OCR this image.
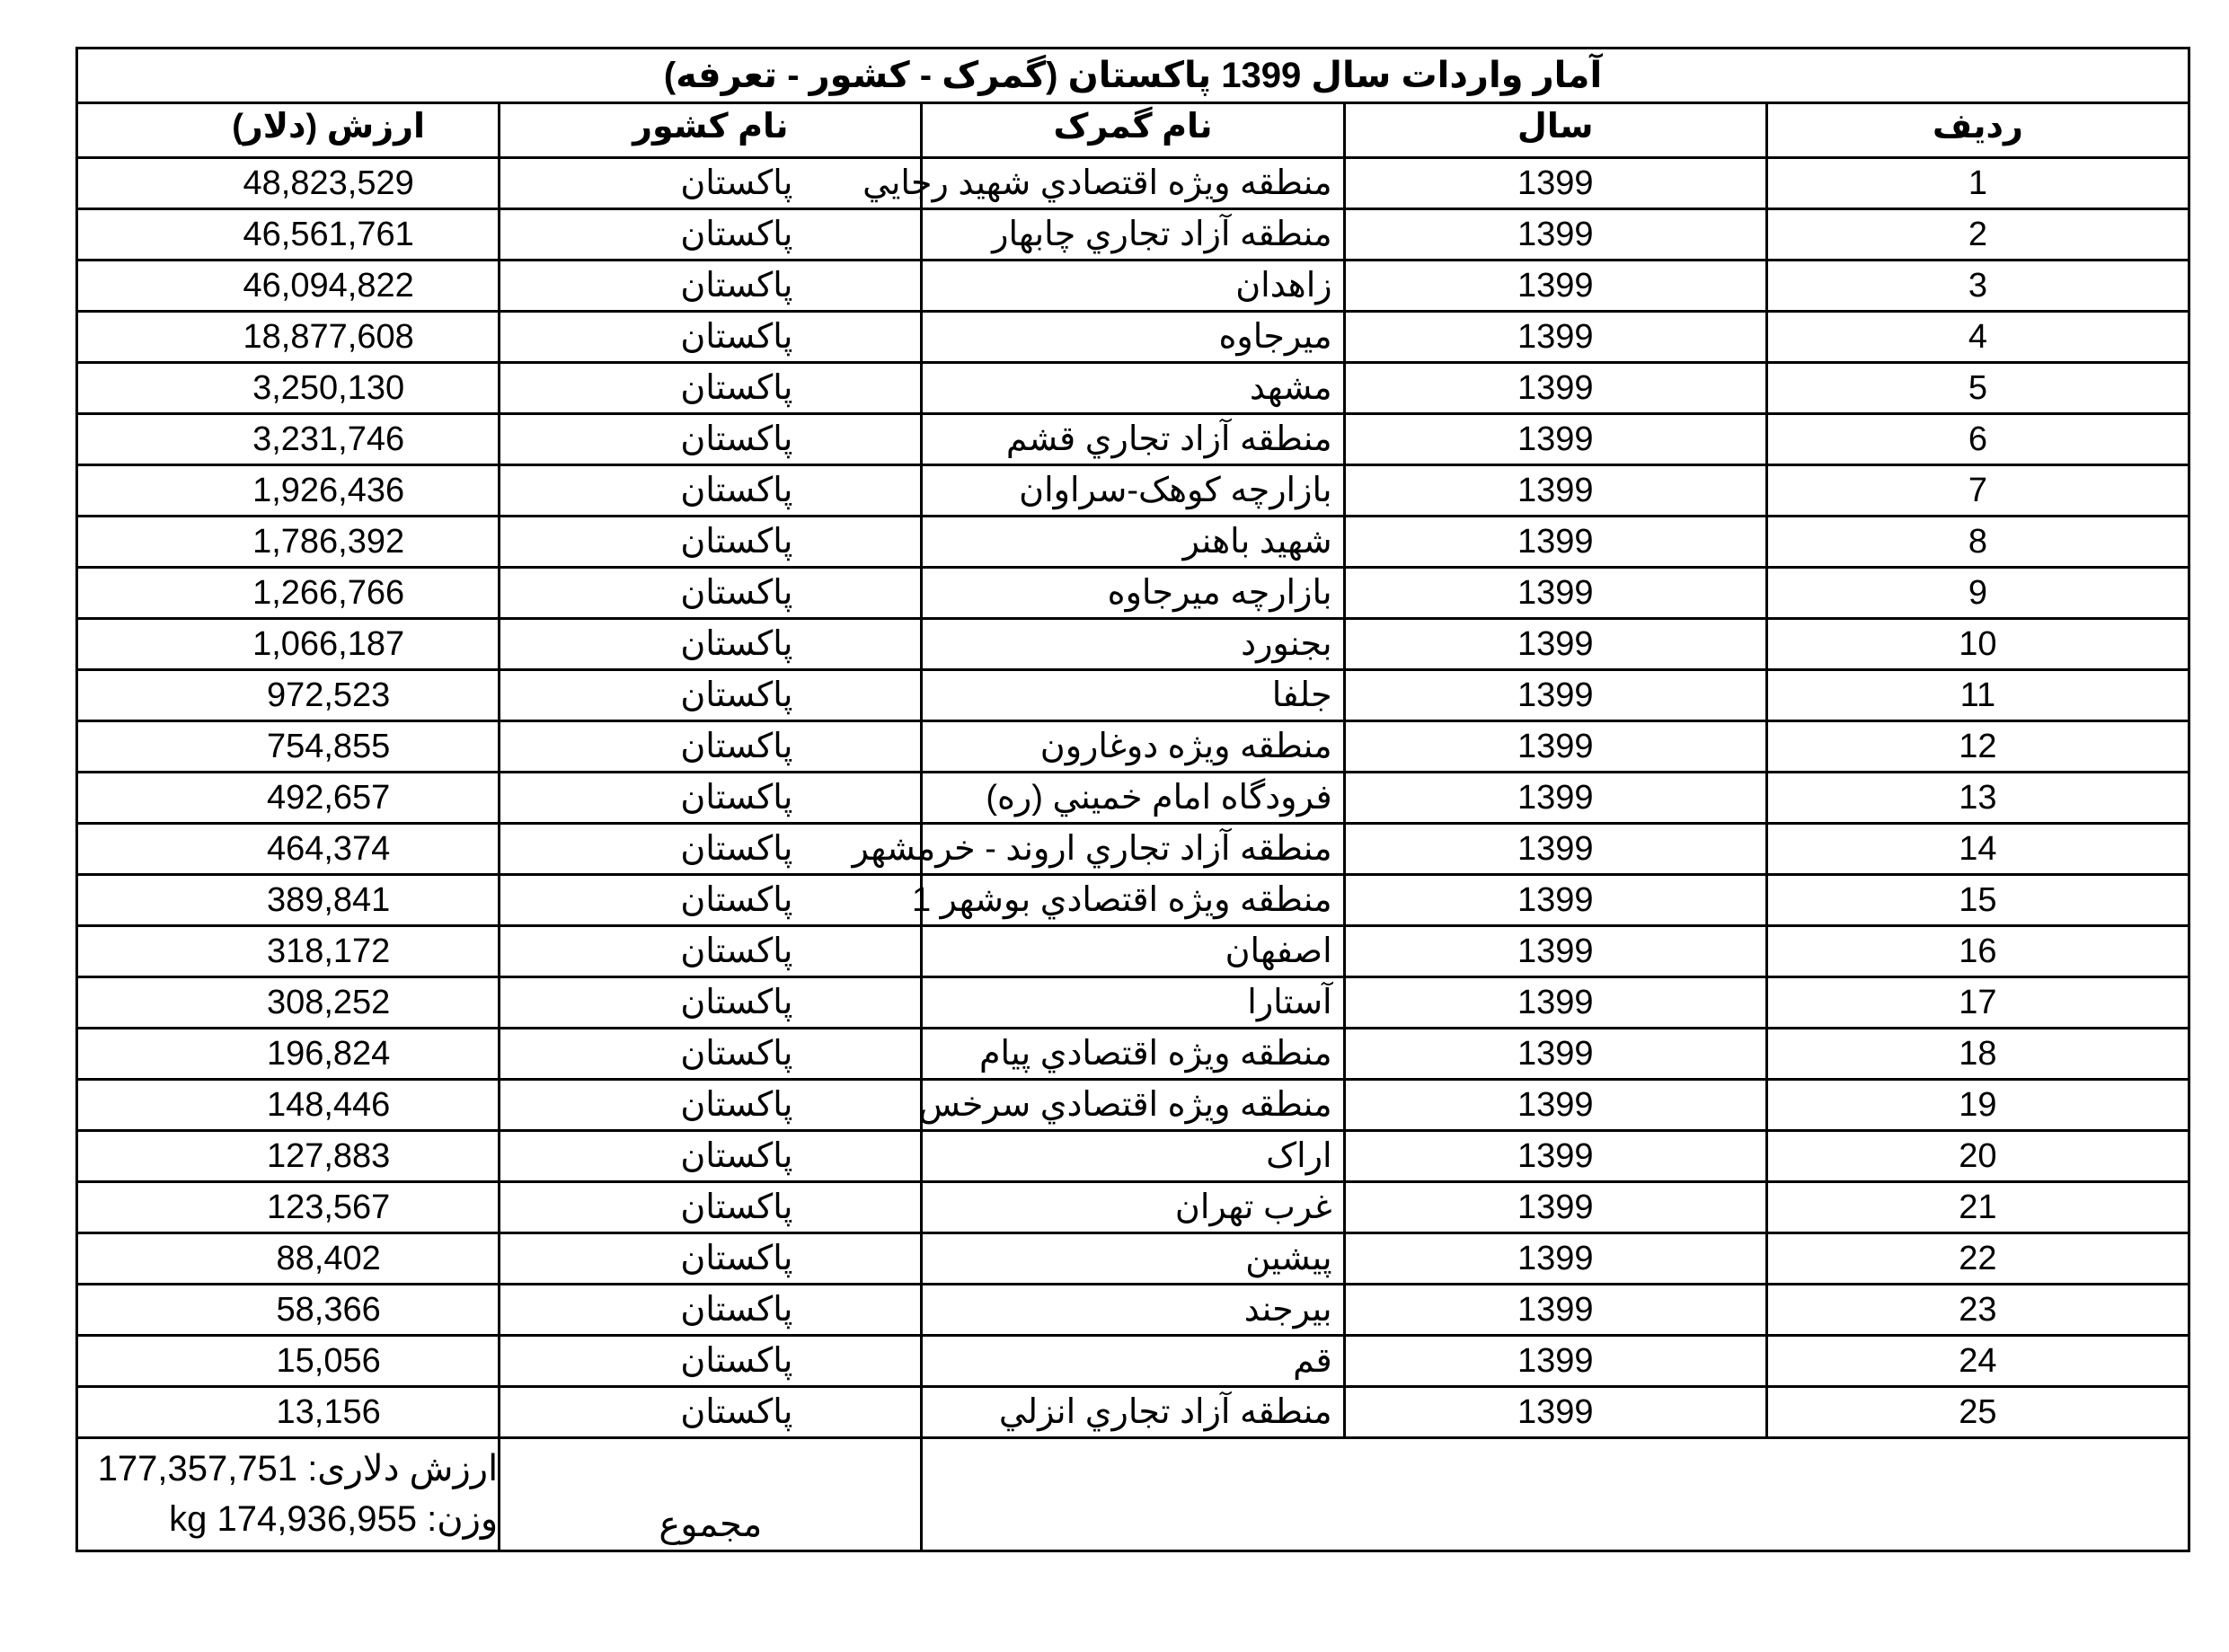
آمار واردات سال 1399 پاکستان (گمرک - کشور - تعرفه)				
رديف	سال	نام گمرک	نام کشور	ارزش (دلار)
1	1399	منطقه ويژه اقتصادي شهيد رجايي	پاکستان	48,823,529
2	1399	منطقه آزاد تجاري چابهار	پاکستان	46,561,761
3	1399	زاهدان	پاکستان	46,094,822
4	1399	ميرجاوه	پاکستان	18,877,608
5	1399	مشهد	پاکستان	3,250,130
6	1399	منطقه آزاد تجاري قشم	پاکستان	3,231,746
7	1399	بازارچه کوهک-سراوان	پاکستان	1,926,436
8	1399	شهيد باهنر	پاکستان	1,786,392
9	1399	بازارچه ميرجاوه	پاکستان	1,266,766
10	1399	بجنورد	پاکستان	1,066,187
11	1399	جلفا	پاکستان	972,523
12	1399	منطقه ويژه دوغارون	پاکستان	754,855
13	1399	فرودگاه امام خميني (ره)	پاکستان	492,657
14	1399	منطقه آزاد تجاري اروند - خرمشهر	پاکستان	464,374
15	1399	منطقه ويژه اقتصادي بوشهر 1	پاکستان	389,841
16	1399	اصفهان	پاکستان	318,172
17	1399	آستارا	پاکستان	308,252
18	1399	منطقه ويژه اقتصادي پيام	پاکستان	196,824
19	1399	منطقه ويژه اقتصادي سرخس	پاکستان	148,446
20	1399	اراک	پاکستان	127,883
21	1399	غرب تهران	پاکستان	123,567
22	1399	پيشين	پاکستان	88,402
23	1399	بيرجند	پاکستان	58,366
24	1399	قم	پاکستان	15,056
25	1399	منطقه آزاد تجاري انزلي	پاکستان	13,156
			مجموع	ارزش دلاری: 177,357,751
وزن: kg 174,936,955
